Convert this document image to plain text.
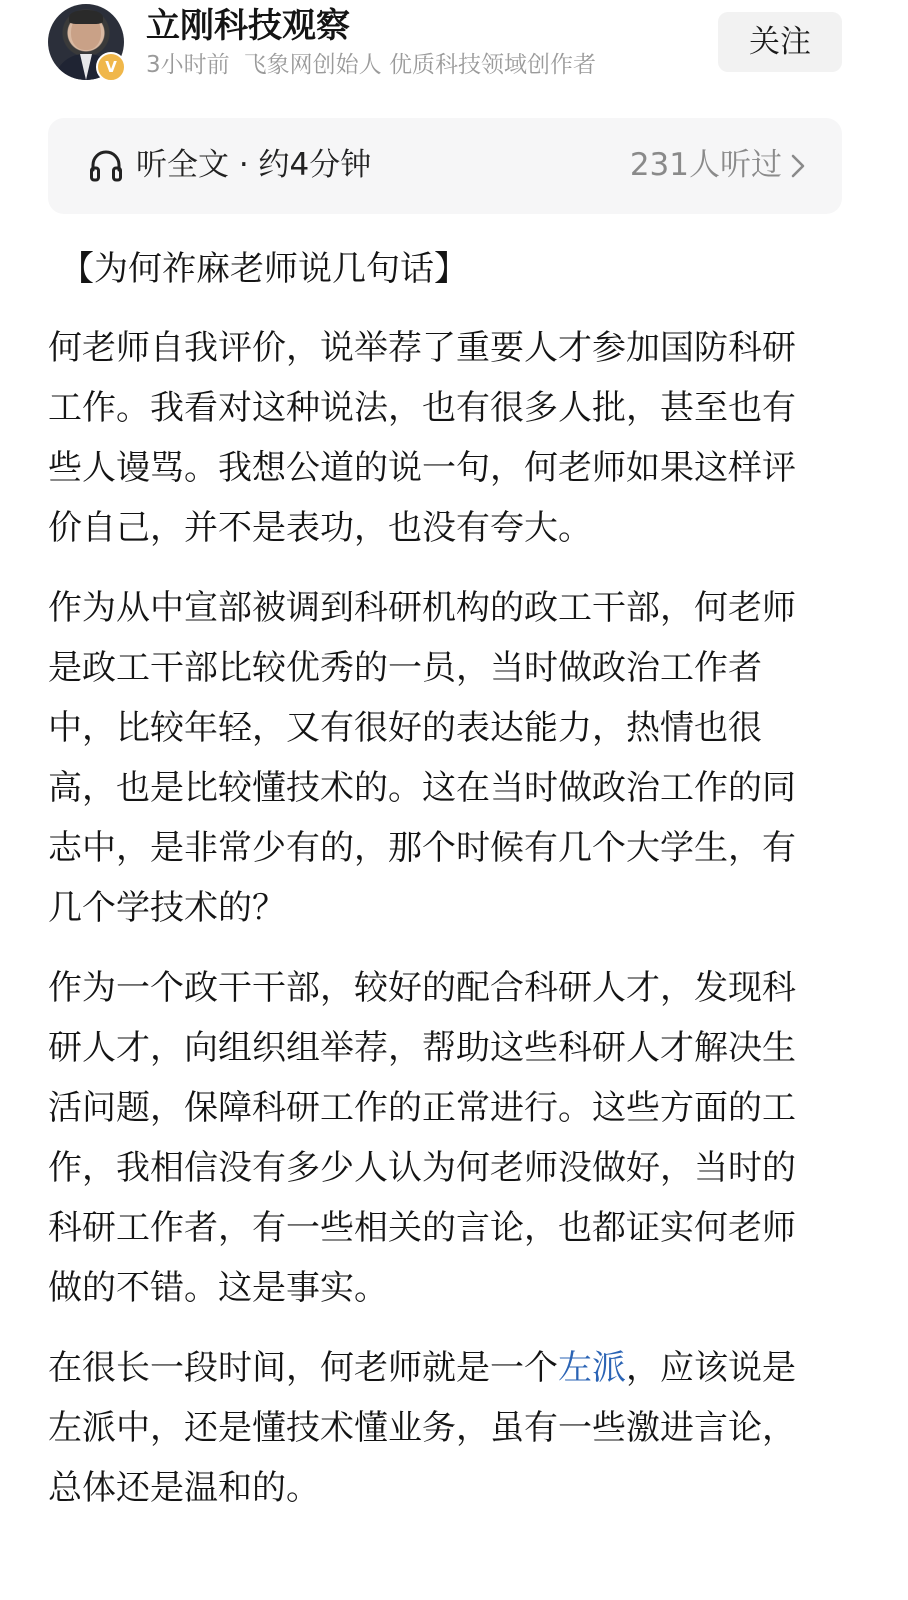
V
立刚科技观察
3小时前 飞象网创始人 优质科技领域创作者
关注
听全文 · 约4分钟	231人听过
【为何祚麻老师说几句话】

何老师自我评价，说举荐了重要人才参加国防科研工作。我看对这种说法，也有很多人批，甚至也有些人谩骂。我想公道的说一句，何老师如果这样评价自己，并不是表功，也没有夸大。

作为从中宣部被调到科研机构的政工干部，何老师是政工干部比较优秀的一员，当时做政治工作者中，比较年轻，又有很好的表达能力，热情也很高，也是比较懂技术的。这在当时做政治工作的同志中，是非常少有的，那个时候有几个大学生，有几个学技术的？

作为一个政干干部，较好的配合科研人才，发现科研人才，向组织组举荐，帮助这些科研人才解决生活问题，保障科研工作的正常进行。这些方面的工作，我相信没有多少人认为何老师没做好，当时的科研工作者，有一些相关的言论，也都证实何老师做的不错。这是事实。

在很长一段时间，何老师就是一个左派，应该说是左派中，还是懂技术懂业务，虽有一些激进言论，总体还是温和的。
